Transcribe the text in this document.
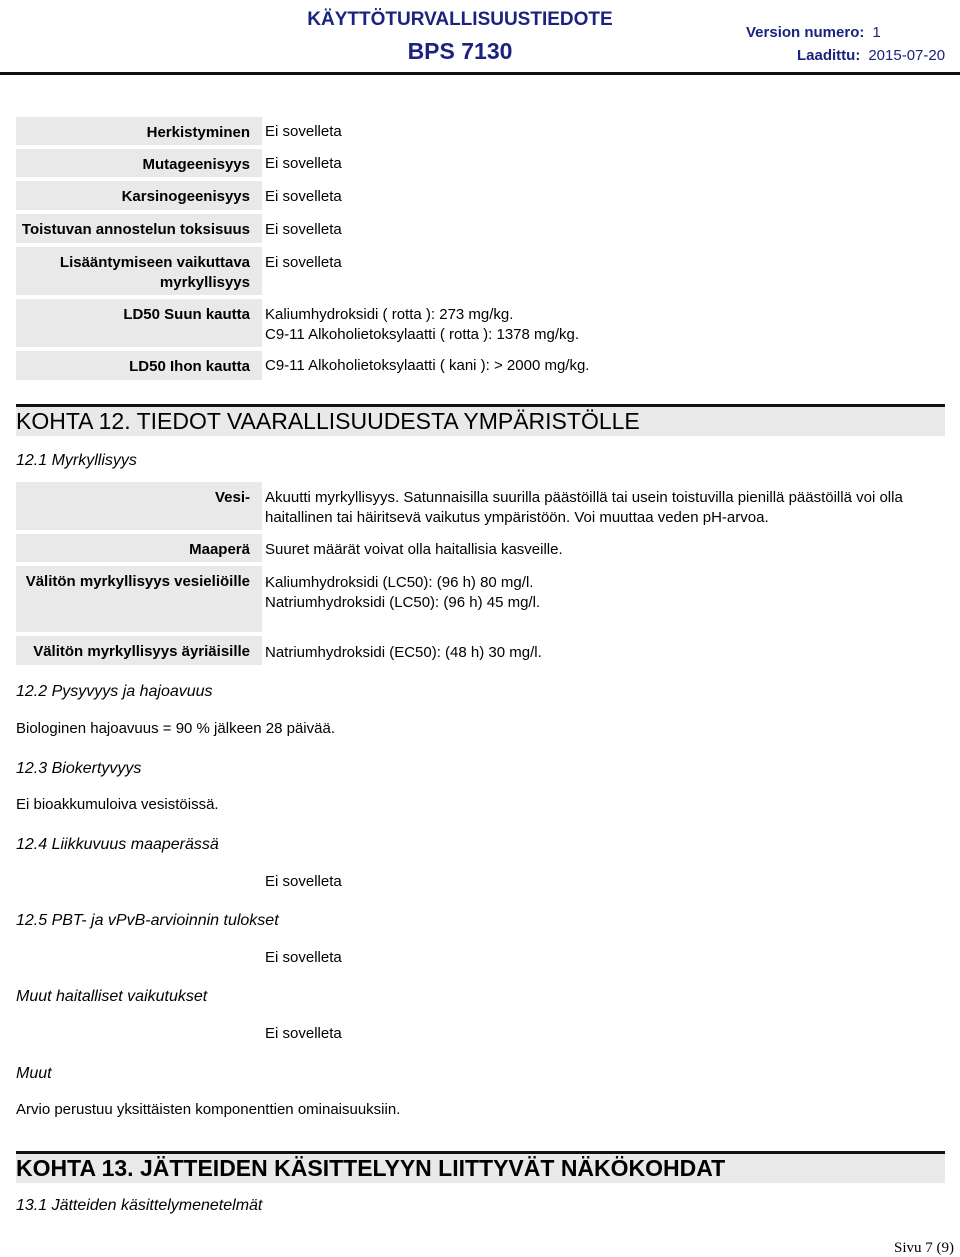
KÄYTTÖTURVALLISUUSTIEDOTE
BPS 7130
Version numero: 1
Laadittu: 2015-07-20
Herkistyminen Ei sovelleta
Mutageenisyys Ei sovelleta
Karsinogeenisyys Ei sovelleta
Toistuvan annostelun toksisuus Ei sovelleta
Lisääntymiseen vaikuttava myrkyllisyys
Ei sovelleta
LD50 Suun kautta Kaliumhydroksidi ( rotta ): 273 mg/kg.
C9-11 Alkoholietoksylaatti ( rotta ): 1378 mg/kg.
LD50 Ihon kautta C9-11 Alkoholietoksylaatti ( kani ): > 2000 mg/kg.
KOHTA 12. TIEDOT VAARALLISUUDESTA YMPÄRISTÖLLE
12.1 Myrkyllisyys
Vesi- Akuutti myrkyllisyys. Satunnaisilla suurilla päästöillä tai usein toistuvilla pienillä päästöillä voi olla haitallinen tai häiritsevä vaikutus ympäristöön. Voi muuttaa veden pH-arvoa.
Maaperä Suuret määrät voivat olla haitallisia kasveille.
Välitön myrkyllisyys vesieliöille Kaliumhydroksidi (LC50): (96 h) 80 mg/l.
Natriumhydroksidi (LC50): (96 h) 45 mg/l.
Välitön myrkyllisyys äyriäisille Natriumhydroksidi (EC50): (48 h) 30 mg/l.
12.2 Pysyvyys ja hajoavuus
Biologinen hajoavuus = 90 % jälkeen 28 päivää.
12.3 Biokertyvyys
Ei bioakkumuloiva vesistöissä.
12.4 Liikkuvuus maaperässä
Ei sovelleta
12.5 PBT- ja vPvB-arvioinnin tulokset
Ei sovelleta
Muut haitalliset vaikutukset
Ei sovelleta
Muut
Arvio perustuu yksittäisten komponenttien ominaisuuksiin.
KOHTA 13. JÄTTEIDEN KÄSITTELYYN LIITTYVÄT NÄKÖKOHDAT
13.1 Jätteiden käsittelymenetelmät
Sivu 7 (9)
